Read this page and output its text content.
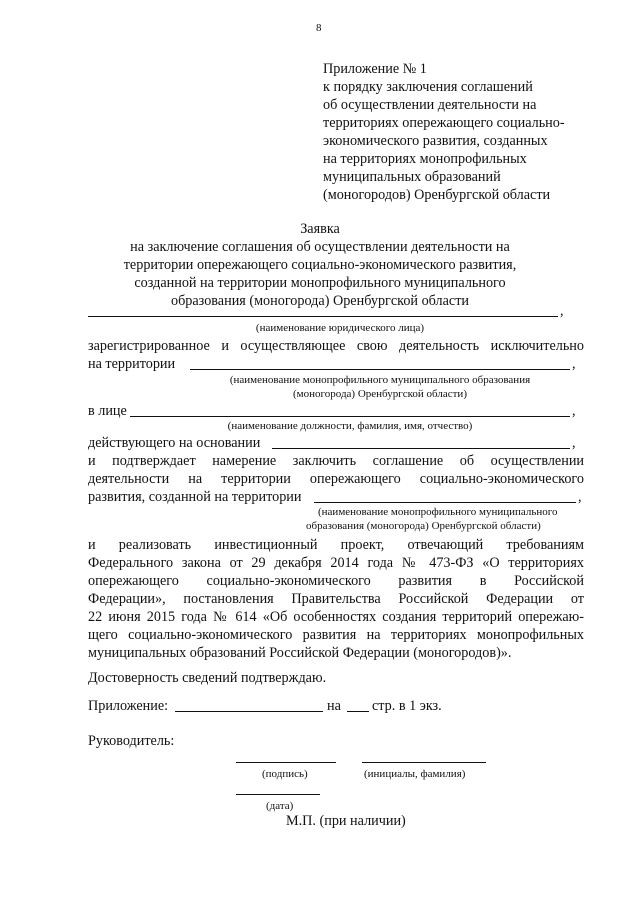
8
Приложение № 1
к порядку заключения соглашений
об осуществлении деятельности на
территориях опережающего социально-
экономического развития, созданных
на территориях монопрофильных
муниципальных образований
(моногородов) Оренбургской области
Заявка
на заключение соглашения об осуществлении деятельности на
территории опережающего социально-экономического развития,
созданной на территории монопрофильного муниципального
образования (моногорода) Оренбургской области
,
(наименование юридического лица)
зарегистрированное и осуществляющее свою деятельность исключительно
на территории	,
(наименование монопрофильного муниципального образования
(моногорода) Оренбургской области)
в лице	,
(наименование должности, фамилия, имя, отчество)
действующего на основании	,
и подтверждает намерение заключить соглашение об осуществлении
деятельности на территории опережающего социально-экономического
развития, созданной на территории	,
(наименование монопрофильного муниципального
образования (моногорода) Оренбургской области)
и реализовать инвестиционный проект, отвечающий требованиям
Федерального закона от 29 декабря 2014 года № 473-ФЗ «О территориях
опережающего социально-экономического развития в Российской
Федерации», постановления Правительства Российской Федерации от
22 июня 2015 года № 614 «Об особенностях создания территорий опережаю-
щего социально-экономического развития на территориях монопрофильных
муниципальных образований Российской Федерации (моногородов)».
Достоверность сведений подтверждаю.
Приложение:	на стр. в 1 экз.
Руководитель:
(подпись)	(инициалы, фамилия)
(дата)
М.П. (при наличии)
